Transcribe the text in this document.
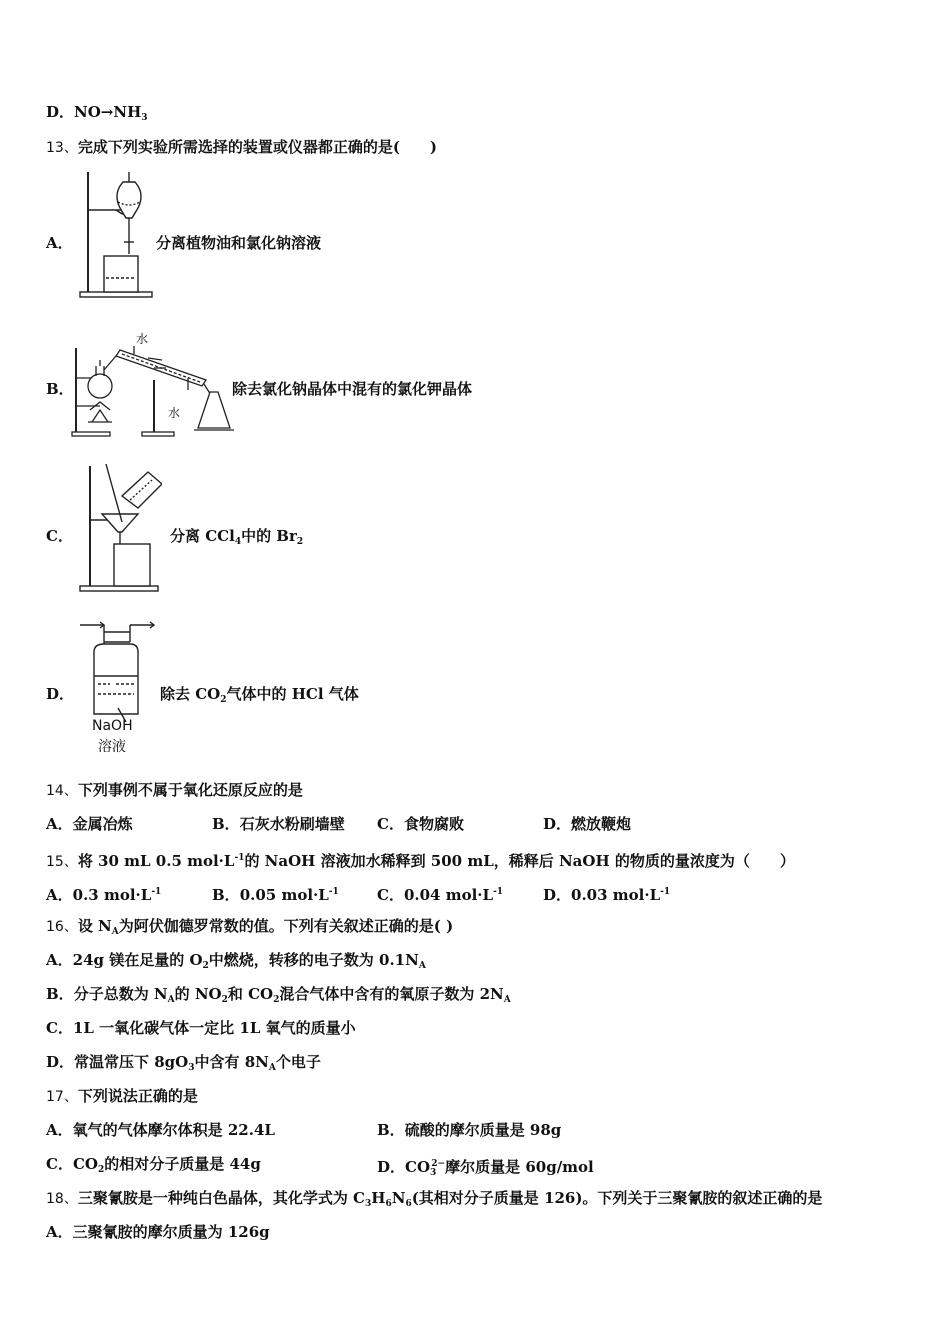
D．$NO\to NH_3$
13、完成下列实验所需选择的装置或仪器都正确的是(　　)
A．	分离植物油和氯化钠溶液
B．
水
水
除去氯化钠晶体中混有的氯化钾晶体
C．	分离 CCl$_4$中的 $Br_2$
D．
NaOH
溶液
除去 $CO_2$气体中的 HCl 气体
14、下列事例不属于氧化还原反应的是
A．金属冶炼	B．石灰水粉刷墙壁 C．食物腐败	D．燃放鞭炮
15、将 30 mL 0.5 $mol\cdot L^{-1}$的 NaOH 溶液加水稀释到 500 mL，稀释后 NaOH 的物质的量浓度为（　　）
A．0.3 $mol\cdot L^{-1}$	B．0.05 $mol\cdot L^{-1}$	C．0.04 $mol\cdot L^{-1}$	D．0.03 $mol\cdot L^{-1}$
16、设 $N_A$为阿伏伽德罗常数的值。下列有关叙述正确的是( )
A．24g 镁在足量的 $O_2$中燃烧，转移的电子数为 $0.1N_A$
B．分子总数为 $N_A$的 $NO_2$和 $CO_2$混合气体中含有的氧原子数为 $2N_A$
C．1L 一氧化碳气体一定比 1L 氧气的质量小
D．常温常压下 $8gO_3$中含有 $8N_A$个电子
17、下列说法正确的是
A．氧气的气体摩尔体积是 22.4L	B．硫酸的摩尔质量是 98g
C．$CO_2$的相对分子质量是 44g	D．$CO_3^{2-}$摩尔质量是 60g/mol
18、三聚氰胺是一种纯白色晶体，其化学式为 $C_3H_6N_6$(其相对分子质量是 126)。下列关于三聚氰胺的叙述正确的是
A．三聚氰胺的摩尔质量为 126g
